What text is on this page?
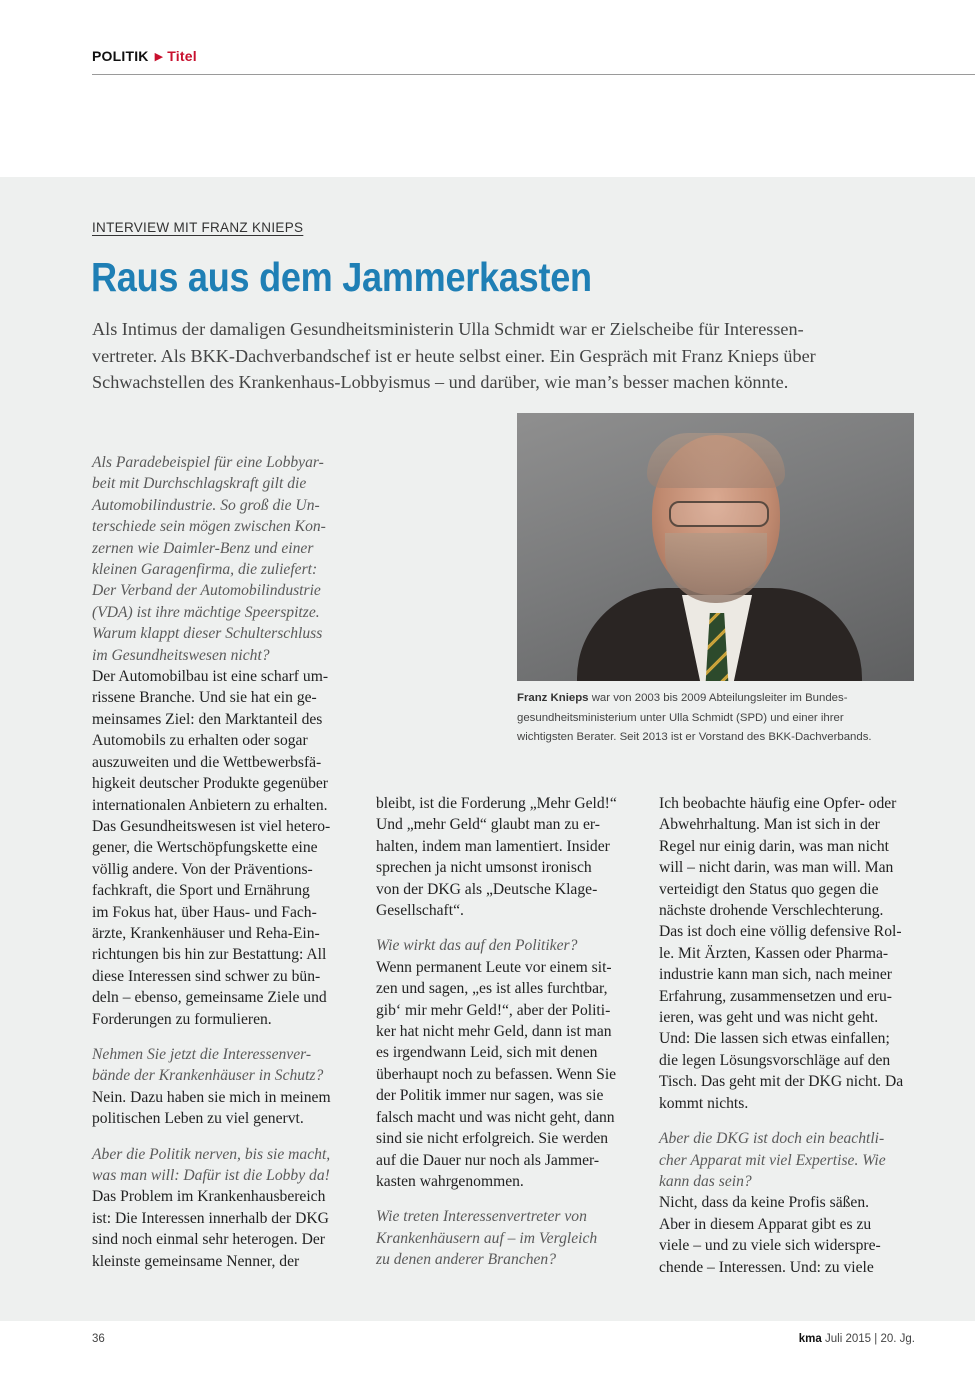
POLITIK ▶ Titel
INTERVIEW MIT FRANZ KNIEPS
Raus aus dem Jammerkasten
Als Intimus der damaligen Gesundheitsministerin Ulla Schmidt war er Zielscheibe für Interessen-
vertreter. Als BKK-Dachverbandschef ist er heute selbst einer. Ein Gespräch mit Franz Knieps über
Schwachstellen des Krankenhaus-Lobbyismus – und darüber, wie man’s besser machen könnte.
Franz Knieps war von 2003 bis 2009 Abteilungsleiter im Bundes-
gesundheitsministerium unter Ulla Schmidt (SPD) und einer ihrer
wichtigsten Berater. Seit 2013 ist er Vorstand des BKK-Dachverbands.
Als Paradebeispiel für eine Lobbyar-
beit mit Durchschlagskraft gilt die
Automobilindustrie. So groß die Un-
terschiede sein mögen zwischen Kon-
zernen wie Daimler-Benz und einer
kleinen Garagenfirma, die zuliefert:
Der Verband der Automobilindustrie
(VDA) ist ihre mächtige Speerspitze.
Warum klappt dieser Schulterschluss
im Gesundheitswesen nicht?
Der Automobilbau ist eine scharf um-
rissene Branche. Und sie hat ein ge-
meinsames Ziel: den Marktanteil des
Automobils zu erhalten oder sogar
auszuweiten und die Wettbewerbsfä-
higkeit deutscher Produkte gegenüber
internationalen Anbietern zu erhalten.
Das Gesundheitswesen ist viel hetero-
gener, die Wertschöpfungskette eine
völlig andere. Von der Präventions-
fachkraft, die Sport und Ernährung
im Fokus hat, über Haus- und Fach-
ärzte, Krankenhäuser und Reha-Ein-
richtungen bis hin zur Bestattung: All
diese Interessen sind schwer zu bün-
deln – ebenso, gemeinsame Ziele und
Forderungen zu formulieren.
Nehmen Sie jetzt die Interessenver-
bände der Krankenhäuser in Schutz?
Nein. Dazu haben sie mich in meinem
politischen Leben zu viel genervt.
Aber die Politik nerven, bis sie macht,
was man will: Dafür ist die Lobby da!
Das Problem im Krankenhausbereich
ist: Die Interessen innerhalb der DKG
sind noch einmal sehr heterogen. Der
kleinste gemeinsame Nenner, der
bleibt, ist die Forderung „Mehr Geld!“
Und „mehr Geld“ glaubt man zu er-
halten, indem man lamentiert. Insider
sprechen ja nicht umsonst ironisch
von der DKG als „Deutsche Klage-
Gesellschaft“.
Wie wirkt das auf den Politiker?
Wenn permanent Leute vor einem sit-
zen und sagen, „es ist alles furchtbar,
gib‘ mir mehr Geld!“, aber der Politi-
ker hat nicht mehr Geld, dann ist man
es irgendwann Leid, sich mit denen
überhaupt noch zu befassen. Wenn Sie
der Politik immer nur sagen, was sie
falsch macht und was nicht geht, dann
sind sie nicht erfolgreich. Sie werden
auf die Dauer nur noch als Jammer-
kasten wahrgenommen.
Wie treten Interessenvertreter von
Krankenhäusern auf – im Vergleich
zu denen anderer Branchen?
Ich beobachte häufig eine Opfer- oder
Abwehrhaltung. Man ist sich in der
Regel nur einig darin, was man nicht
will – nicht darin, was man will. Man
verteidigt den Status quo gegen die
nächste drohende Verschlechterung.
Das ist doch eine völlig defensive Rol-
le. Mit Ärzten, Kassen oder Pharma-
industrie kann man sich, nach meiner
Erfahrung, zusammensetzen und eru-
ieren, was geht und was nicht geht.
Und: Die lassen sich etwas einfallen;
die legen Lösungsvorschläge auf den
Tisch. Das geht mit der DKG nicht. Da
kommt nichts.
Aber die DKG ist doch ein beachtli-
cher Apparat mit viel Expertise. Wie
kann das sein?
Nicht, dass da keine Profis säßen.
Aber in diesem Apparat gibt es zu
viele – und zu viele sich widerspre-
chende – Interessen. Und: zu viele
36	kma Juli 2015 | 20. Jg.
